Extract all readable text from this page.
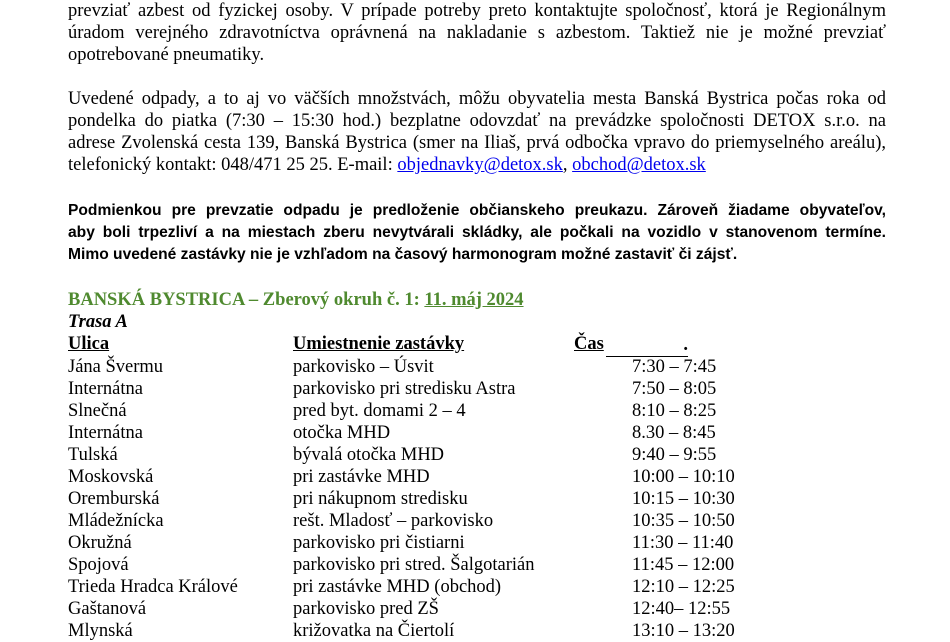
prevziať azbest od fyzickej osoby. V prípade potreby preto kontaktujte spoločnosť, ktorá je Regionálnym
úradom verejného zdravotníctva oprávnená na nakladanie s azbestom. Taktiež nie je možné prevziať
opotrebované pneumatiky.
Uvedené odpady, a to aj vo väčších množstvách, môžu obyvatelia mesta Banská Bystrica počas roka od
pondelka do piatka (7:30 – 15:30 hod.) bezplatne odovzdať na prevádzke spoločnosti DETOX s.r.o. na
adrese Zvolenská cesta 139, Banská Bystrica (smer na Iliaš, prvá odbočka vpravo do priemyselného areálu),
telefonický kontakt: 048/471 25 25. E-mail: objednavky@detox.sk, obchod@detox.sk
Podmienkou pre prevzatie odpadu je predloženie občianskeho preukazu. Zároveň žiadame obyvateľov,
aby boli trpezliví a na miestach zberu nevytvárali skládky, ale počkali na vozidlo v stanovenom termíne.
Mimo uvedené zastávky nie je vzhľadom na časový harmonogram možné zastaviť či zájsť.
BANSKÁ BYSTRICA – Zberový okruh č. 1: 11. máj 2024
Trasa A
Ulica	Umiestnenie zastávky	Čas	.
Jána Švermu	parkovisko – Úsvit	7:30 – 7:45
Internátna	parkovisko pri stredisku Astra	7:50 – 8:05
Slnečná	pred byt. domami 2 – 4	8:10 – 8:25
Internátna	otočka MHD	8.30 – 8:45
Tulská	bývalá otočka MHD	9:40 – 9:55
Moskovská	pri zastávke MHD	10:00 – 10:10
Oremburská	pri nákupnom stredisku	10:15 – 10:30
Mládežnícka	rešt. Mladosť – parkovisko	10:35 – 10:50
Okružná	parkovisko pri čistiarni	11:30 – 11:40
Spojová	parkovisko pri stred. Šalgotarián	11:45 – 12:00
Trieda Hradca Králové	pri zastávke MHD (obchod)	12:10 – 12:25
Gaštanová	parkovisko pred ZŠ	12:40– 12:55
Mlynská	križovatka na Čiertolí	13:10 – 13:20
